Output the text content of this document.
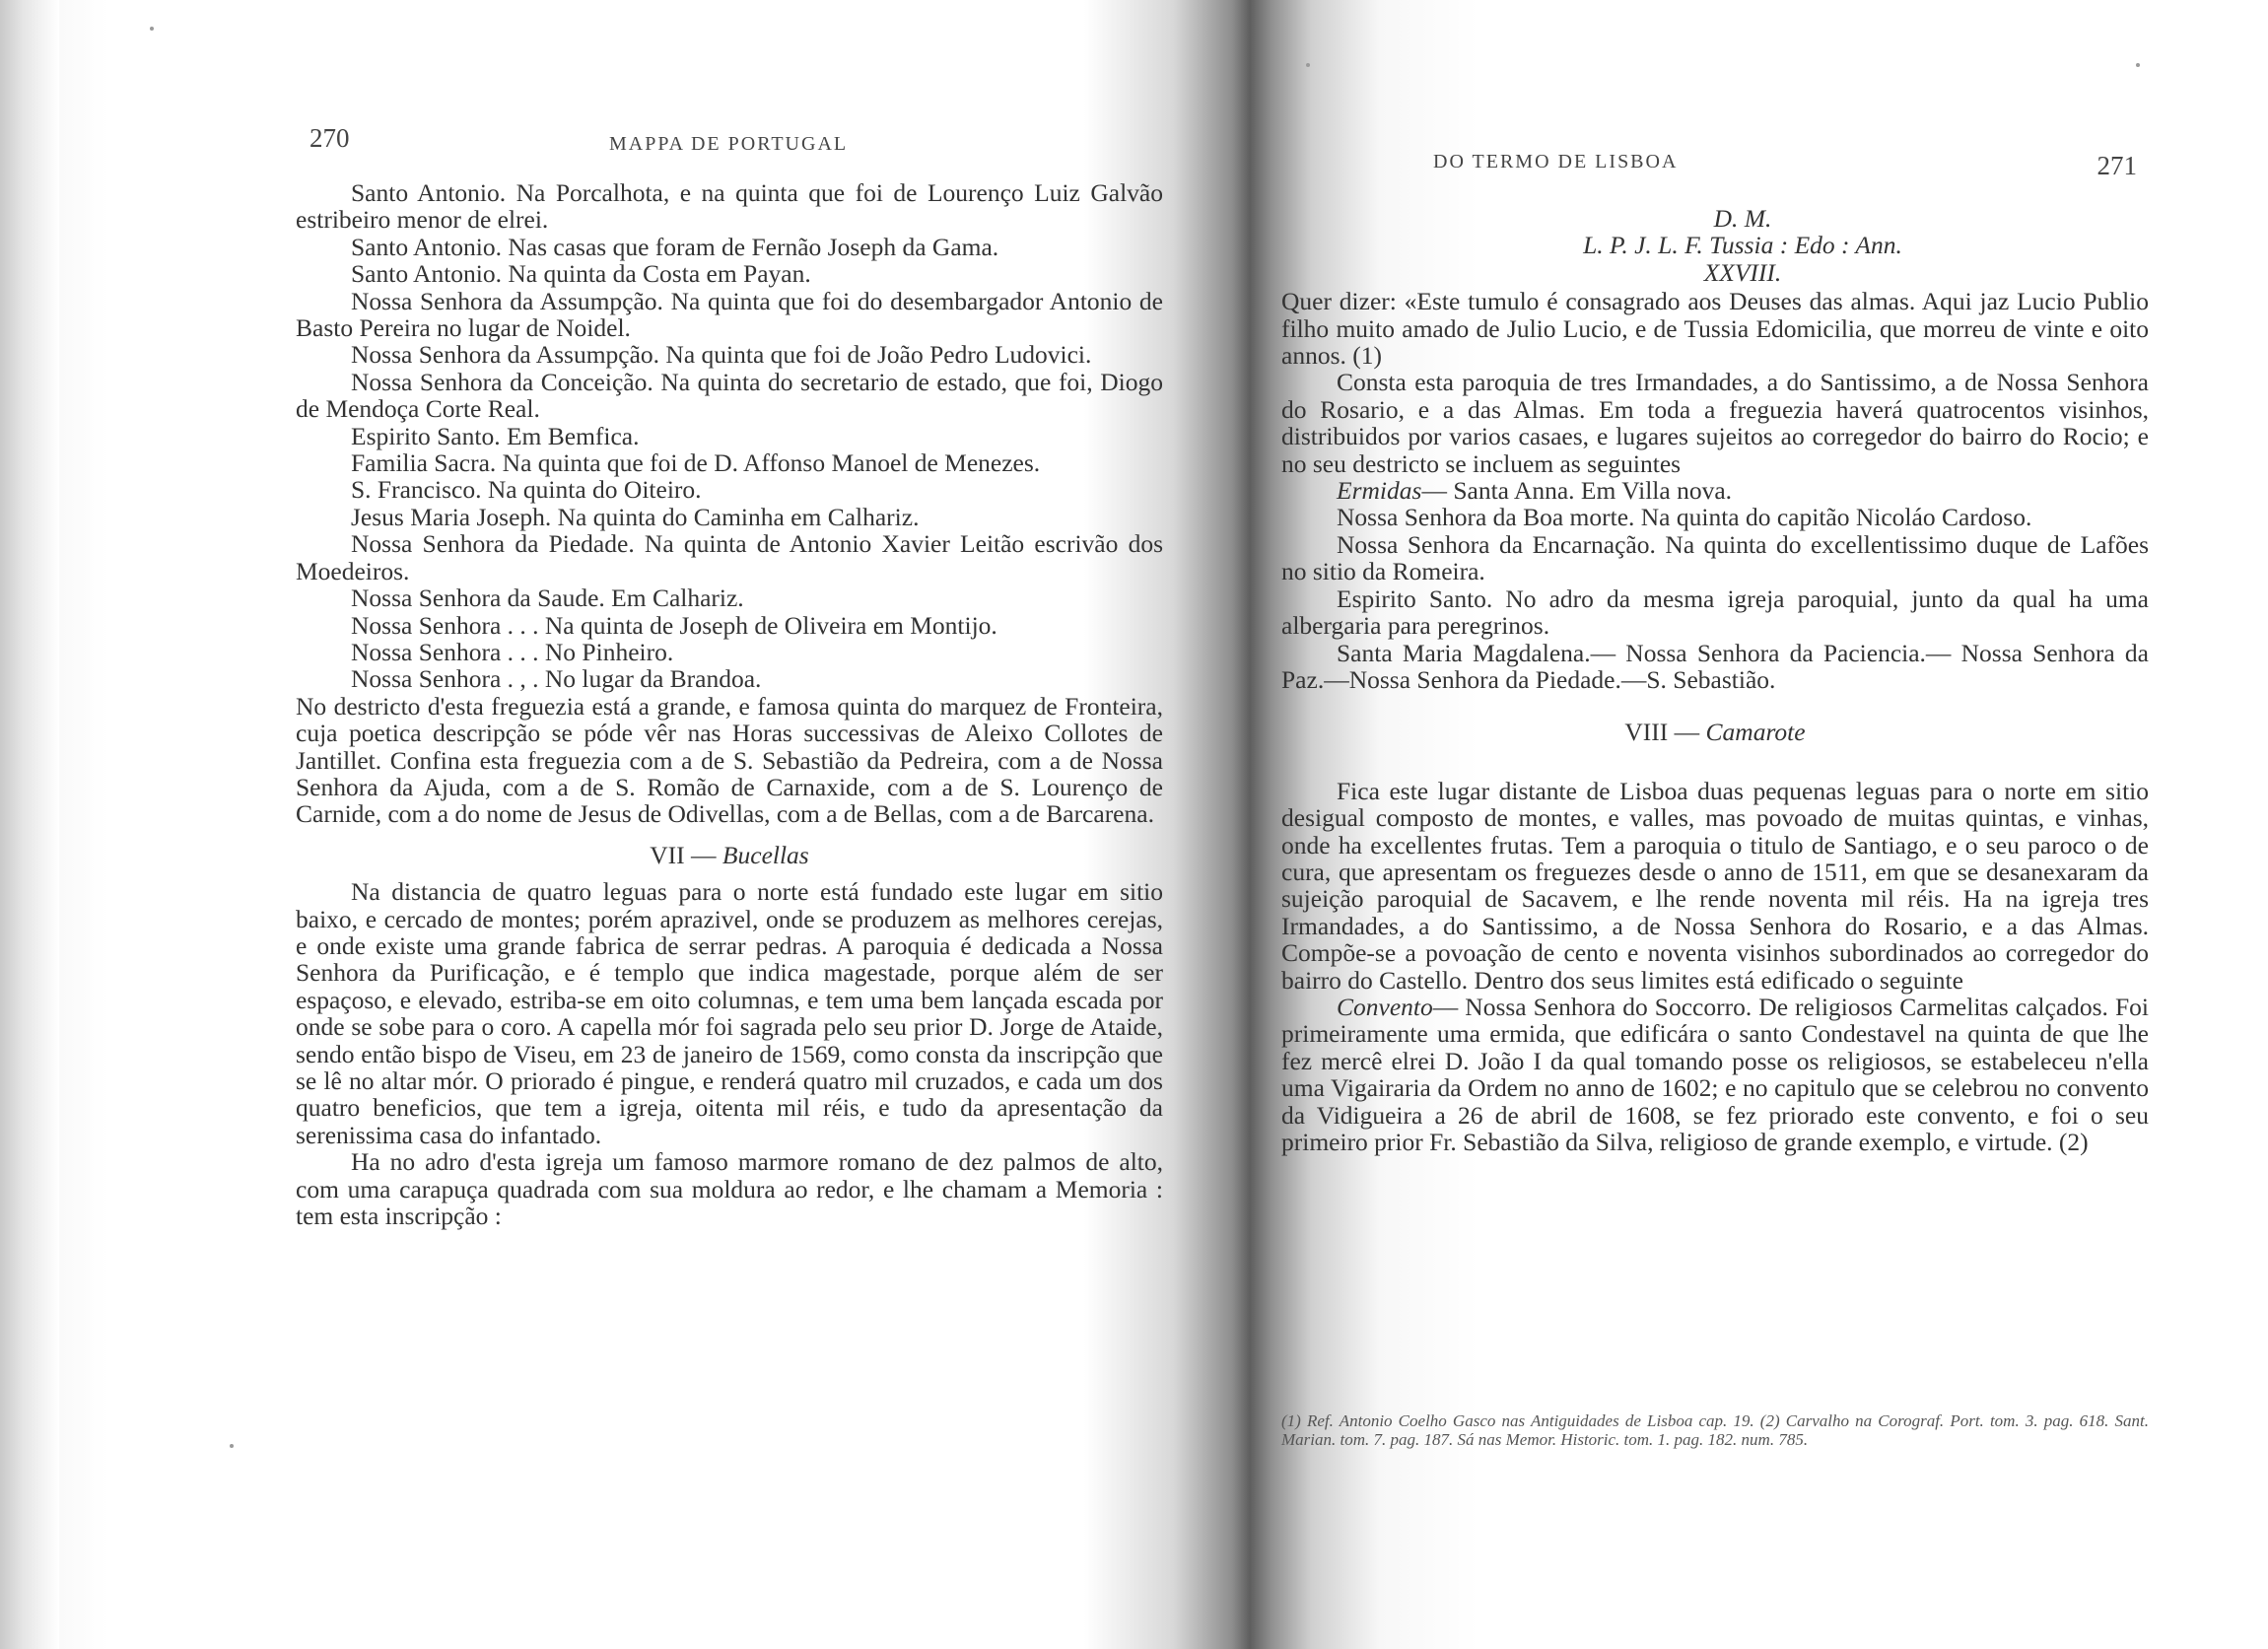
270	MAPPA DE PORTUGAL

Santo Antonio. Na Porcalhota, e na quinta que foi de Lourenço Luiz Galvão estribeiro menor de elrei.

Santo Antonio. Nas casas que foram de Fernão Joseph da Gama.

Santo Antonio. Na quinta da Costa em Payan.

Nossa Senhora da Assumpção. Na quinta que foi do desembargador Antonio de Basto Pereira no lugar de Noidel.

Nossa Senhora da Assumpção. Na quinta que foi de João Pedro Ludovici.

Nossa Senhora da Conceição. Na quinta do secretario de estado, que foi, Diogo de Mendoça Corte Real.

Espirito Santo. Em Bemfica.

Familia Sacra. Na quinta que foi de D. Affonso Manoel de Menezes.

S. Francisco. Na quinta do Oiteiro.

Jesus Maria Joseph. Na quinta do Caminha em Calhariz.

Nossa Senhora da Piedade. Na quinta de Antonio Xavier Leitão escrivão dos Moedeiros.

Nossa Senhora da Saude. Em Calhariz.

Nossa Senhora . . . Na quinta de Joseph de Oliveira em Montijo.

Nossa Senhora . . . No Pinheiro.

Nossa Senhora . , . No lugar da Brandoa.

No destricto d'esta freguezia está a grande, e famosa quinta do marquez de Fronteira, cuja poetica descripção se póde vêr nas Horas successivas de Aleixo Collotes de Jantillet. Confina esta freguezia com a de S. Sebastião da Pedreira, com a de Nossa Senhora da Ajuda, com a de S. Romão de Carnaxide, com a de S. Lourenço de Carnide, com a do nome de Jesus de Odivellas, com a de Bellas, com a de Barcarena.

VII — Bucellas

Na distancia de quatro leguas para o norte está fundado este lugar em sitio baixo, e cercado de montes; porém aprazivel, onde se produzem as melhores cerejas, e onde existe uma grande fabrica de serrar pedras. A paroquia é dedicada a Nossa Senhora da Purificação, e é templo que indica magestade, porque além de ser espaçoso, e elevado, estriba-se em oito columnas, e tem uma bem lançada escada por onde se sobe para o coro. A capella mór foi sagrada pelo seu prior D. Jorge de Ataide, sendo então bispo de Viseu, em 23 de janeiro de 1569, como consta da inscripção que se lê no altar mór. O priorado é pingue, e renderá quatro mil cruzados, e cada um dos quatro beneficios, que tem a igreja, oitenta mil réis, e tudo da apresentação da serenissima casa do infantado.

Ha no adro d'esta igreja um famoso marmore romano de dez palmos de alto, com uma carapuça quadrada com sua moldura ao redor, e lhe chamam a Memoria : tem esta inscripção :

DO TERMO DE LISBOA	271

D. M.

L. P. J. L. F. Tussia : Edo : Ann.

XXVIII.

Quer dizer: «Este tumulo é consagrado aos Deuses das almas. Aqui jaz Lucio Publio filho muito amado de Julio Lucio, e de Tussia Edomicilia, que morreu de vinte e oito annos. (1)

Consta esta paroquia de tres Irmandades, a do Santissimo, a de Nossa Senhora do Rosario, e a das Almas. Em toda a freguezia haverá quatrocentos visinhos, distribuidos por varios casaes, e lugares sujeitos ao corregedor do bairro do Rocio; e no seu destricto se incluem as seguintes

Ermidas— Santa Anna. Em Villa nova.

Nossa Senhora da Boa morte. Na quinta do capitão Nicoláo Cardoso.

Nossa Senhora da Encarnação. Na quinta do excellentissimo duque de Lafões no sitio da Romeira.

Espirito Santo. No adro da mesma igreja paroquial, junto da qual ha uma albergaria para peregrinos.

Santa Maria Magdalena.— Nossa Senhora da Paciencia.— Nossa Senhora da Paz.—Nossa Senhora da Piedade.—S. Sebastião.

VIII — Camarote

Fica este lugar distante de Lisboa duas pequenas leguas para o norte em sitio desigual composto de montes, e valles, mas povoado de muitas quintas, e vinhas, onde ha excellentes frutas. Tem a paroquia o titulo de Santiago, e o seu paroco o de cura, que apresentam os freguezes desde o anno de 1511, em que se desanexaram da sujeição paroquial de Sacavem, e lhe rende noventa mil réis. Ha na igreja tres Irmandades, a do Santissimo, a de Nossa Senhora do Rosario, e a das Almas. Compõe-se a povoação de cento e noventa visinhos subordinados ao corregedor do bairro do Castello. Dentro dos seus limites está edificado o seguinte

Convento— Nossa Senhora do Soccorro. De religiosos Carmelitas calçados. Foi primeiramente uma ermida, que edificára o santo Condestavel na quinta de que lhe fez mercê elrei D. João I da qual tomando posse os religiosos, se estabeleceu n'ella uma Vigairaria da Ordem no anno de 1602; e no capitulo que se celebrou no convento da Vidigueira a 26 de abril de 1608, se fez priorado este convento, e foi o seu primeiro prior Fr. Sebastião da Silva, religioso de grande exemplo, e virtude. (2)

(1) Ref. Antonio Coelho Gasco nas Antiguidades de Lisboa cap. 19. (2) Carvalho na Corograf. Port. tom. 3. pag. 618. Sant. Marian. tom. 7. pag. 187. Sá nas Memor. Historic. tom. 1. pag. 182. num. 785.
